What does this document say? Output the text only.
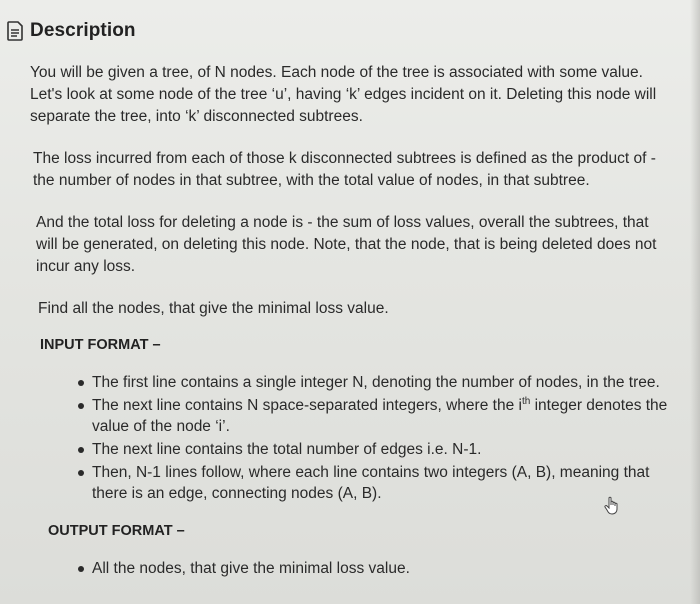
Description

You will be given a tree, of N nodes. Each node of the tree is associated with some value. Let's look at some node of the tree ‘u’, having ‘k’ edges incident on it. Deleting this node will separate the tree, into ‘k’ disconnected subtrees.

The loss incurred from each of those k disconnected subtrees is defined as the product of - the number of nodes in that subtree, with the total value of nodes, in that subtree.

And the total loss for deleting a node is - the sum of loss values, overall the subtrees, that will be generated, on deleting this node. Note, that the node, that is being deleted does not incur any loss.

Find all the nodes, that give the minimal loss value.

INPUT FORMAT –
The first line contains a single integer N, denoting the number of nodes, in the tree.
The next line contains N space-separated integers, where the $i^{th}$ integer denotes the value of the node ‘i’.
The next line contains the total number of edges i.e. N-1.
Then, N-1 lines follow, where each line contains two integers (A, B), meaning that there is an edge, connecting nodes (A, B).
OUTPUT FORMAT –
All the nodes, that give the minimal loss value.
